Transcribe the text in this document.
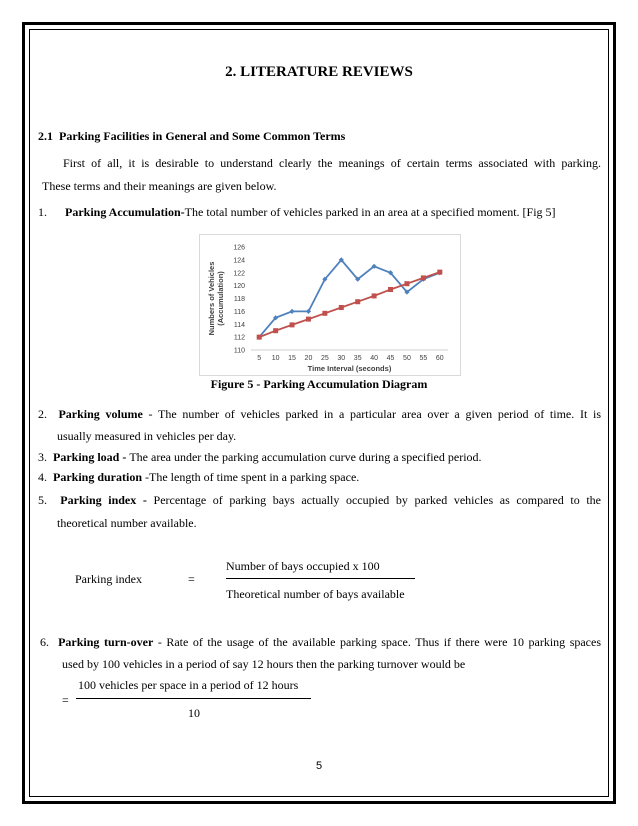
2. LITERATURE REVIEWS
2.1 Parking Facilities in General and Some Common Terms
First of all, it is desirable to understand clearly the meanings of certain terms associated with parking.
These terms and their meanings are given below.
1. Parking Accumulation-The total number of vehicles parked in an area at a specified moment. [Fig 5]
110
112
114
116
118
120
122
124
126
5 10 15 20 25 30 35 40 45 50 55 60
Time Interval (seconds)
Numbers of Vehicles(Accumulation)
Figure 5 - Parking Accumulation Diagram
2. Parking volume - The number of vehicles parked in a particular area over a given period of time. It is
usually measured in vehicles per day.
3. Parking load - The area under the parking accumulation curve during a specified period.
4. Parking duration -The length of time spent in a parking space.
5. Parking index - Percentage of parking bays actually occupied by parked vehicles as compared to the
theoretical number available.
Number of bays occupied x 100
Parking index	=
Theoretical number of bays available
6. Parking turn-over - Rate of the usage of the available parking space. Thus if there were 10 parking spaces
used by 100 vehicles in a period of say 12 hours then the parking turnover would be
100 vehicles per space in a period of 12 hours
=
10
5
